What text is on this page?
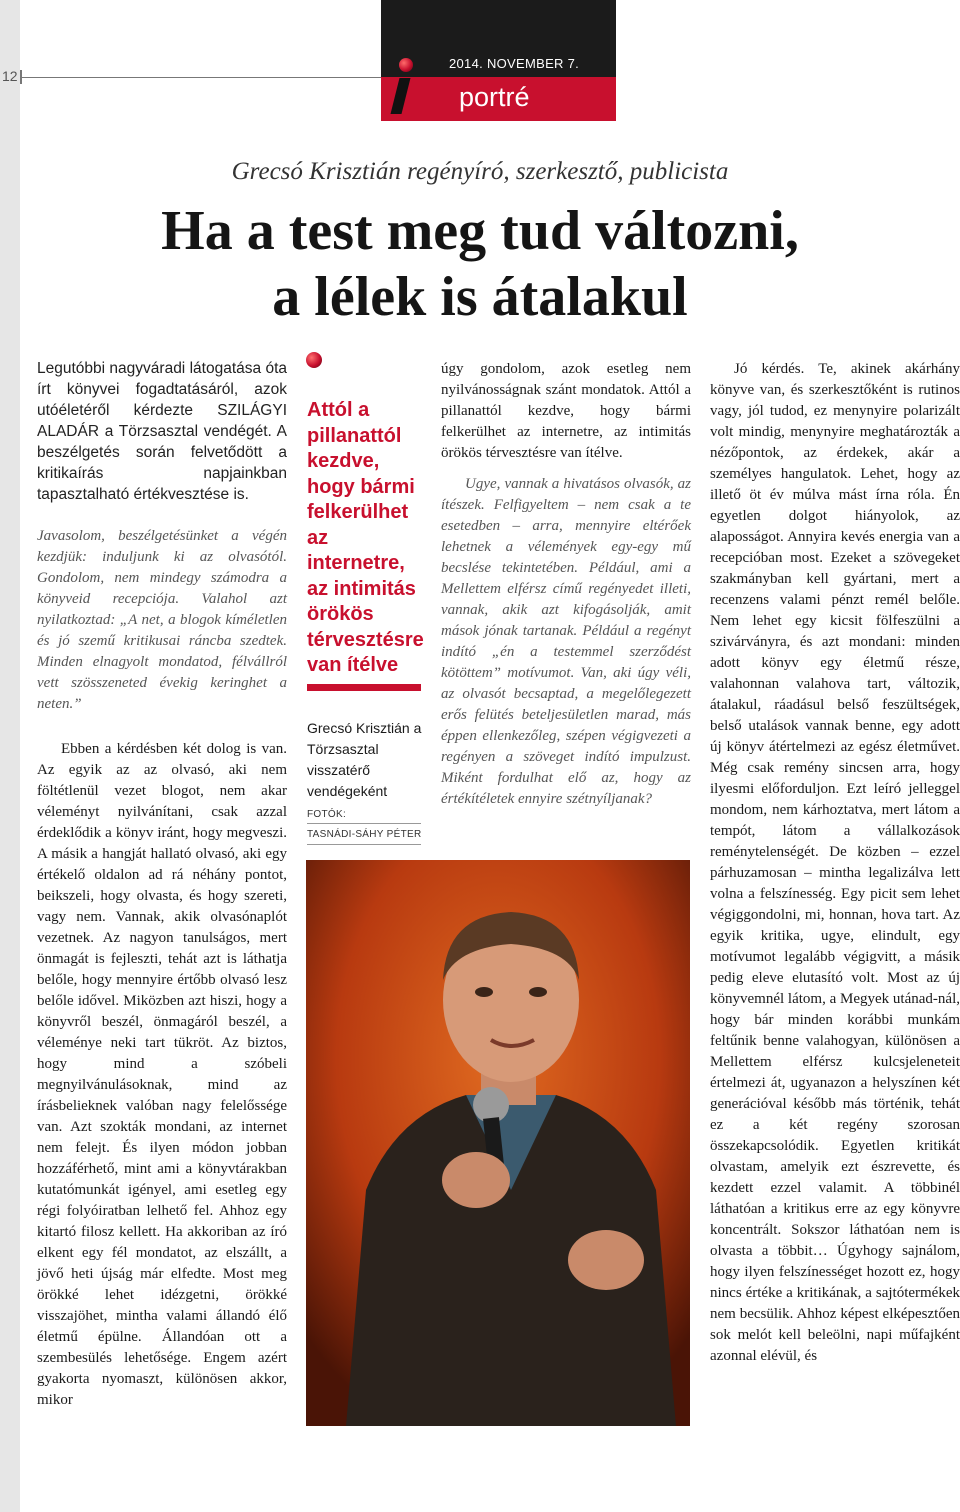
12
2014. NOVEMBER 7.
portré
Grecsó Krisztián regényíró, szerkesztő, publicista
Ha a test meg tud változni,
a lélek is átalakul
Legutóbbi nagyváradi látogatása óta írt könyvei fogadtatásáról, azok utóéletéről kérdezte SZILÁGYI ALADÁR a Törzsasztal vendégét. A beszélgetés során felvetődött a kritikaírás napjainkban tapasztalható értékvesztése is.
Javasolom, beszélgetésünket a végén kezdjük: induljunk ki az olvasótól. Gondolom, nem mindegy számodra a könyveid recepciója. Valahol azt nyilatkoztad: „A net, a blogok kíméletlen és jó szemű kritikusai ráncba szedtek. Minden elnagyolt mondatod, félvállról vett szösszeneted évekig keringhet a neten.”

Ebben a kérdésben két dolog is van. Az egyik az az olvasó, aki nem föltétlenül vezet blogot, nem akar véleményt nyilvánítani, csak azzal érdeklődik a könyv iránt, hogy megveszi. A másik a hangját hallató olvasó, aki egy értékelő oldalon ad rá néhány pontot, beikszeli, hogy olvasta, és hogy szereti, vagy nem. Vannak, akik olvasónaplót vezetnek. Az nagyon tanulságos, mert önmagát is fejleszti, tehát azt is láthatja belőle, hogy mennyire értőbb olvasó lesz belőle idővel. Miközben azt hiszi, hogy a könyvről beszél, önmagáról beszél, a véleménye neki tart tükröt. Az biztos, hogy mind a szóbeli megnyilvánulásoknak, mind az írásbelieknek valóban nagy felelőssége van. Azt szokták mondani, az internet nem felejt. És ilyen módon jobban hozzáférhető, mint ami a könyvtárakban kutatómunkát igényel, ami esetleg egy régi folyóiratban lelhető fel. Ahhoz egy kitartó filosz kellett. Ha akkoriban az író elkent egy fél mondatot, az elszállt, a jövő heti újság már elfedte. Most meg örökké lehet idézgetni, örökké visszajöhet, mintha valami állandó élő életmű épülne. Állandóan ott a szembesülés lehetősége. Engem azért gyakorta nyomaszt, különösen akkor, mikor

Attól a pillanattól kezdve, hogy bármi felkerülhet az internetre, az intimitás örökös térvesztésre van ítélve
Grecsó Krisztián a Törzsasztal visszatérő vendégeként
FOTÓK:
TASNÁDI-SÁHY PÉTER

úgy gondolom, azok esetleg nem nyilvánosságnak szánt mondatok. Attól a pillanattól kezdve, hogy bármi felkerülhet az internetre, az intimitás örökös térvesztésre van ítélve.

Ugye, vannak a hivatásos olvasók, az ítészek. Felfigyeltem – nem csak a te esetedben – arra, mennyire eltérőek lehetnek a vélemények egy-egy mű becslése tekintetében. Például, ami a Mellettem elférsz című regényedet illeti, vannak, akik azt kifogásolják, amit mások jónak tartanak. Például a regényt indító „én a testemmel szerződést kötöttem” motívumot. Van, aki úgy véli, az olvasót becsaptad, a megelőlegezett erős felütés beteljesületlen marad, más éppen ellenkezőleg, szépen végigvezeti a regényen a szöveget indító impulzust. Miként fordulhat elő az, hogy az értékítéletek ennyire szétnyíljanak?

Jó kérdés. Te, akinek akárhány könyve van, és szerkesztőként is rutinos vagy, jól tudod, ez menynyire polarizált volt mindig, menynyire meghatározták a nézőpontok, az érdekek, akár a személyes hangulatok. Lehet, hogy az illető öt év múlva mást írna róla. Én egyetlen dolgot hiányolok, az alaposságot. Annyira kevés energia van a recepcióban most. Ezeket a szövegeket szakmányban kell gyártani, mert a recenzens valami pénzt remél belőle. Nem lehet egy kicsit fölfeszülni a szivárványra, és azt mondani: minden adott könyv egy életmű része, valahonnan valahova tart, változik, átalakul, ráadásul belső feszültségek, belső utalások vannak benne, egy adott új könyv átértelmezi az egész életművet. Még csak remény sincsen arra, hogy ilyesmi előforduljon. Ezt leíró jelleggel mondom, nem kárhoztatva, mert látom a tempót, látom a vállalkozások reménytelenségét. De közben – ezzel párhuzamosan – mintha legalizálva lett volna a felszínesség. Egy picit sem lehet végiggondolni, mi, honnan, hova tart. Az egyik kritika, ugye, elindult, egy motívumot legalább végigvitt, a másik pedig eleve elutasító volt. Most az új könyvemnél látom, a Megyek utánad-nál, hogy bár minden korábbi munkám feltűnik benne valahogyan, különösen a Mellettem elférsz kulcsjeleneteit értelmezi át, ugyanazon a helyszínen két generációval később más történik, tehát ez a két regény szorosan összekapcsolódik. Egyetlen kritikát olvastam, amelyik ezt észrevette, és kezdett ezzel valamit. A többinél láthatóan a kritikus erre az egy könyvre koncentrált. Sokszor láthatóan nem is olvasta a többit… Úgyhogy sajnálom, hogy ilyen felszínességet hozott ez, hogy nincs értéke a kritikának, a sajtótermékek nem becsülik. Ahhoz képest elképesztően sok melót kell beleölni, napi műfajként azonnal elévül, és
